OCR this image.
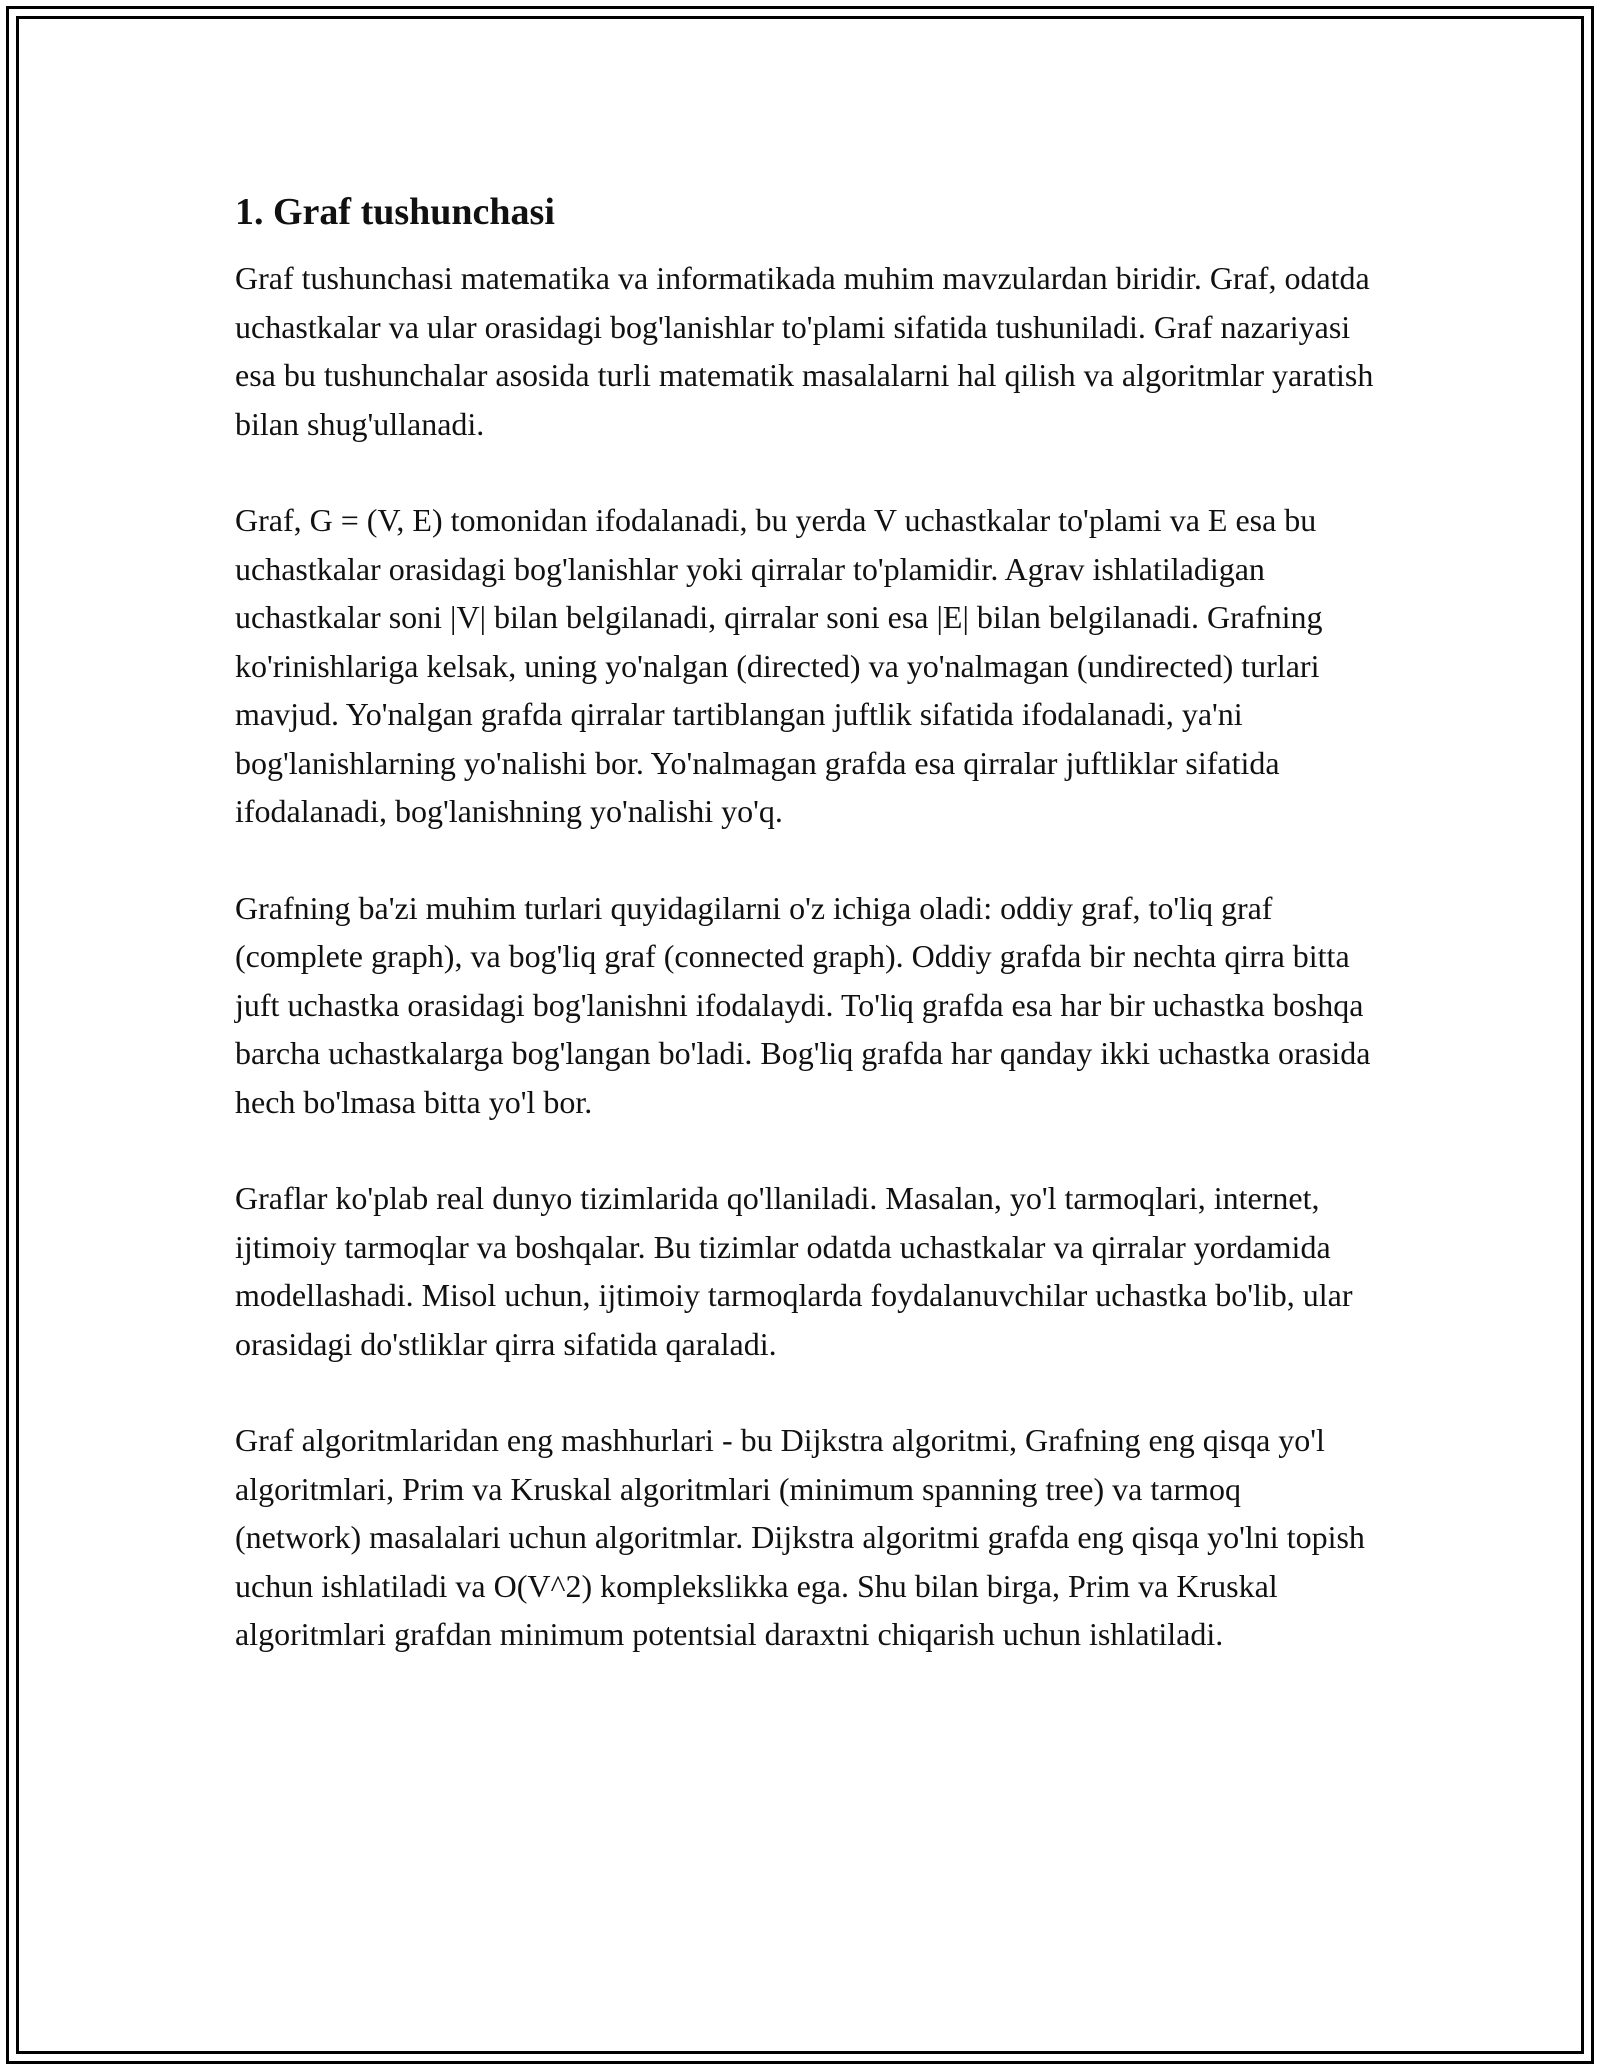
1. Graf tushunchasi

Graf tushunchasi matematika va informatikada muhim mavzulardan biridir. Graf, odatda uchastkalar va ular orasidagi bog'lanishlar to'plami sifatida tushuniladi. Graf nazariyasi esa bu tushunchalar asosida turli matematik masalalarni hal qilish va algoritmlar yaratish bilan shug'ullanadi.

Graf, G = (V, E) tomonidan ifodalanadi, bu yerda V uchastkalar to'plami va E esa bu uchastkalar orasidagi bog'lanishlar yoki qirralar to'plamidir. Agrav ishlatiladigan uchastkalar soni |V| bilan belgilanadi, qirralar soni esa |E| bilan belgilanadi. Grafning ko'rinishlariga kelsak, uning yo'nalgan (directed) va yo'nalmagan (undirected) turlari mavjud. Yo'nalgan grafda qirralar tartiblangan juftlik sifatida ifodalanadi, ya'ni bog'lanishlarning yo'nalishi bor. Yo'nalmagan grafda esa qirralar juftliklar sifatida ifodalanadi, bog'lanishning yo'nalishi yo'q.

Grafning ba'zi muhim turlari quyidagilarni o'z ichiga oladi: oddiy graf, to'liq graf (complete graph), va bog'liq graf (connected graph). Oddiy grafda bir nechta qirra bitta juft uchastka orasidagi bog'lanishni ifodalaydi. To'liq grafda esa har bir uchastka boshqa barcha uchastkalarga bog'langan bo'ladi. Bog'liq grafda har qanday ikki uchastka orasida hech bo'lmasa bitta yo'l bor.

Graflar ko'plab real dunyo tizimlarida qo'llaniladi. Masalan, yo'l tarmoqlari, internet, ijtimoiy tarmoqlar va boshqalar. Bu tizimlar odatda uchastkalar va qirralar yordamida modellashadi. Misol uchun, ijtimoiy tarmoqlarda foydalanuvchilar uchastka bo'lib, ular orasidagi do'stliklar qirra sifatida qaraladi.

Graf algoritmlaridan eng mashhurlari - bu Dijkstra algoritmi, Grafning eng qisqa yo'l algoritmlari, Prim va Kruskal algoritmlari (minimum spanning tree) va tarmoq (network) masalalari uchun algoritmlar. Dijkstra algoritmi grafda eng qisqa yo'lni topish uchun ishlatiladi va O(V^2) komplekslikka ega. Shu bilan birga, Prim va Kruskal algoritmlari grafdan minimum potentsial daraxtni chiqarish uchun ishlatiladi.
